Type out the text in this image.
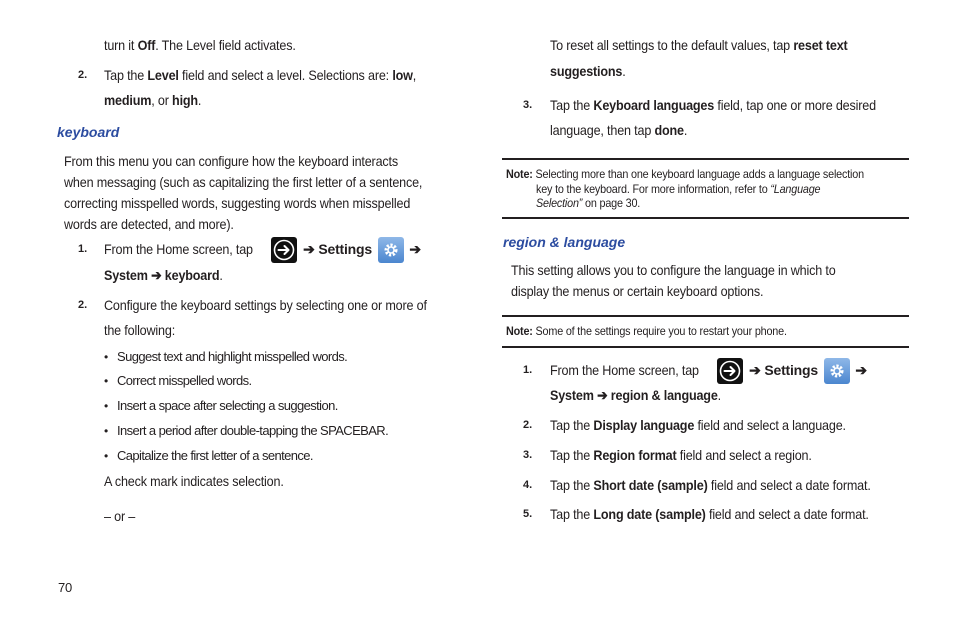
turn it Off. The Level field activates.
2. Tap the Level field and select a level. Selections are: low,
medium, or high.
keyboard
From this menu you can configure how the keyboard interacts
when messaging (such as capitalizing the first letter of a sentence,
correcting misspelled words, suggesting words when misspelled
words are detected, and more).
1. From the Home screen, tap	➔ Settings	➔
System ➔ keyboard.
2. Configure the keyboard settings by selecting one or more of
the following:
• Suggest text and highlight misspelled words.
• Correct misspelled words.
• Insert a space after selecting a suggestion.
• Insert a period after double-tapping the SPACEBAR.
• Capitalize the first letter of a sentence.
A check mark indicates selection.
– or –
70
To reset all settings to the default values, tap reset text
suggestions.
3. Tap the Keyboard languages field, tap one or more desired
language, then tap done.
Note: Selecting more than one keyboard language adds a language selection
key to the keyboard. For more information, refer to “Language
Selection” on page 30.
region & language
This setting allows you to configure the language in which to
display the menus or certain keyboard options.
Note: Some of the settings require you to restart your phone.
1. From the Home screen, tap	➔ Settings	➔
System ➔ region & language.
2. Tap the Display language field and select a language.
3. Tap the Region format field and select a region.
4. Tap the Short date (sample) field and select a date format.
5. Tap the Long date (sample) field and select a date format.
